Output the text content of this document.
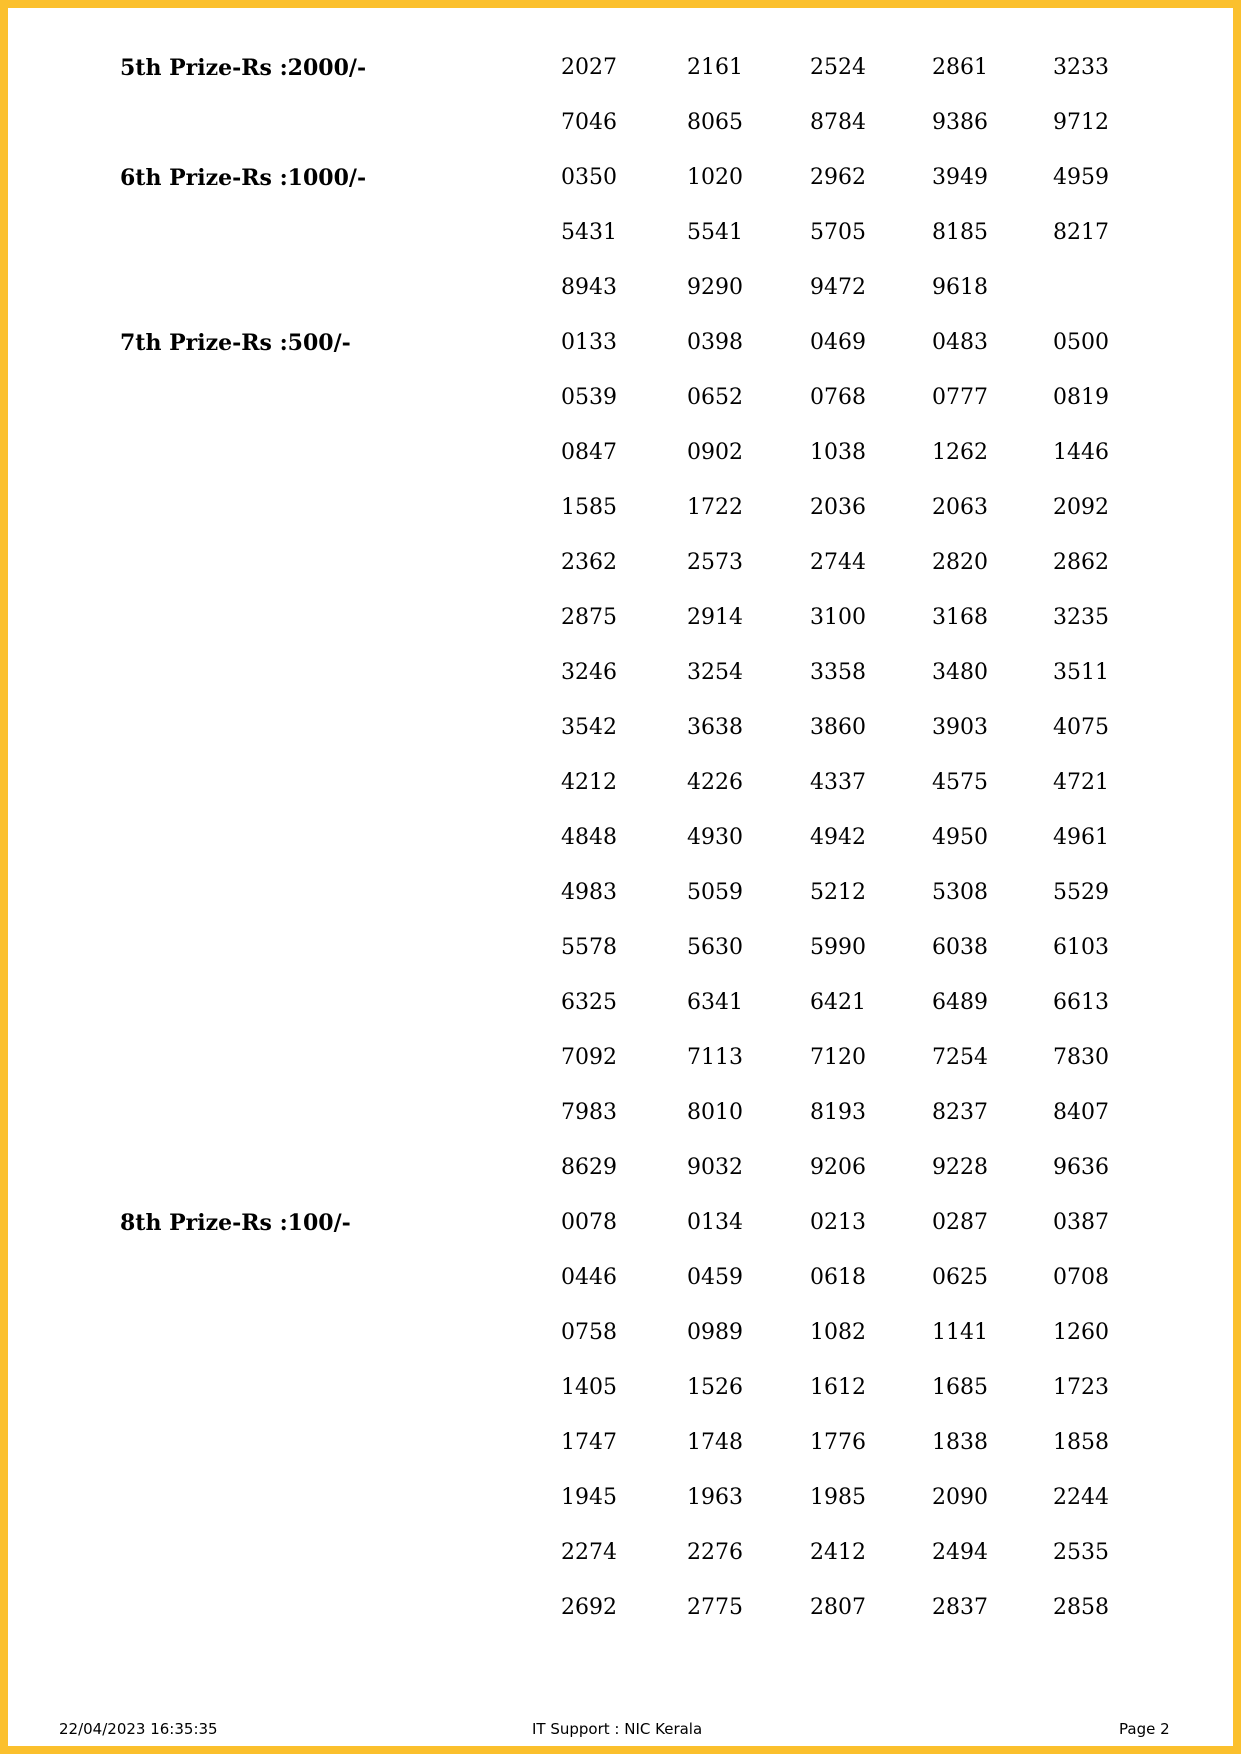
5th Prize-Rs :2000/-	2027	2161	2524	2861	3233
7046	8065	8784	9386	9712
6th Prize-Rs :1000/-	0350	1020	2962	3949	4959
5431	5541	5705	8185	8217
8943	9290	9472	9618
7th Prize-Rs :500/-	0133	0398	0469	0483	0500
0539	0652	0768	0777	0819
0847	0902	1038	1262	1446
1585	1722	2036	2063	2092
2362	2573	2744	2820	2862
2875	2914	3100	3168	3235
3246	3254	3358	3480	3511
3542	3638	3860	3903	4075
4212	4226	4337	4575	4721
4848	4930	4942	4950	4961
4983	5059	5212	5308	5529
5578	5630	5990	6038	6103
6325	6341	6421	6489	6613
7092	7113	7120	7254	7830
7983	8010	8193	8237	8407
8629	9032	9206	9228	9636
8th Prize-Rs :100/-	0078	0134	0213	0287	0387
0446	0459	0618	0625	0708
0758	0989	1082	1141	1260
1405	1526	1612	1685	1723
1747	1748	1776	1838	1858
1945	1963	1985	2090	2244
2274	2276	2412	2494	2535
2692	2775	2807	2837	2858
22/04/2023 16:35:35	IT Support : NIC Kerala	Page 2
